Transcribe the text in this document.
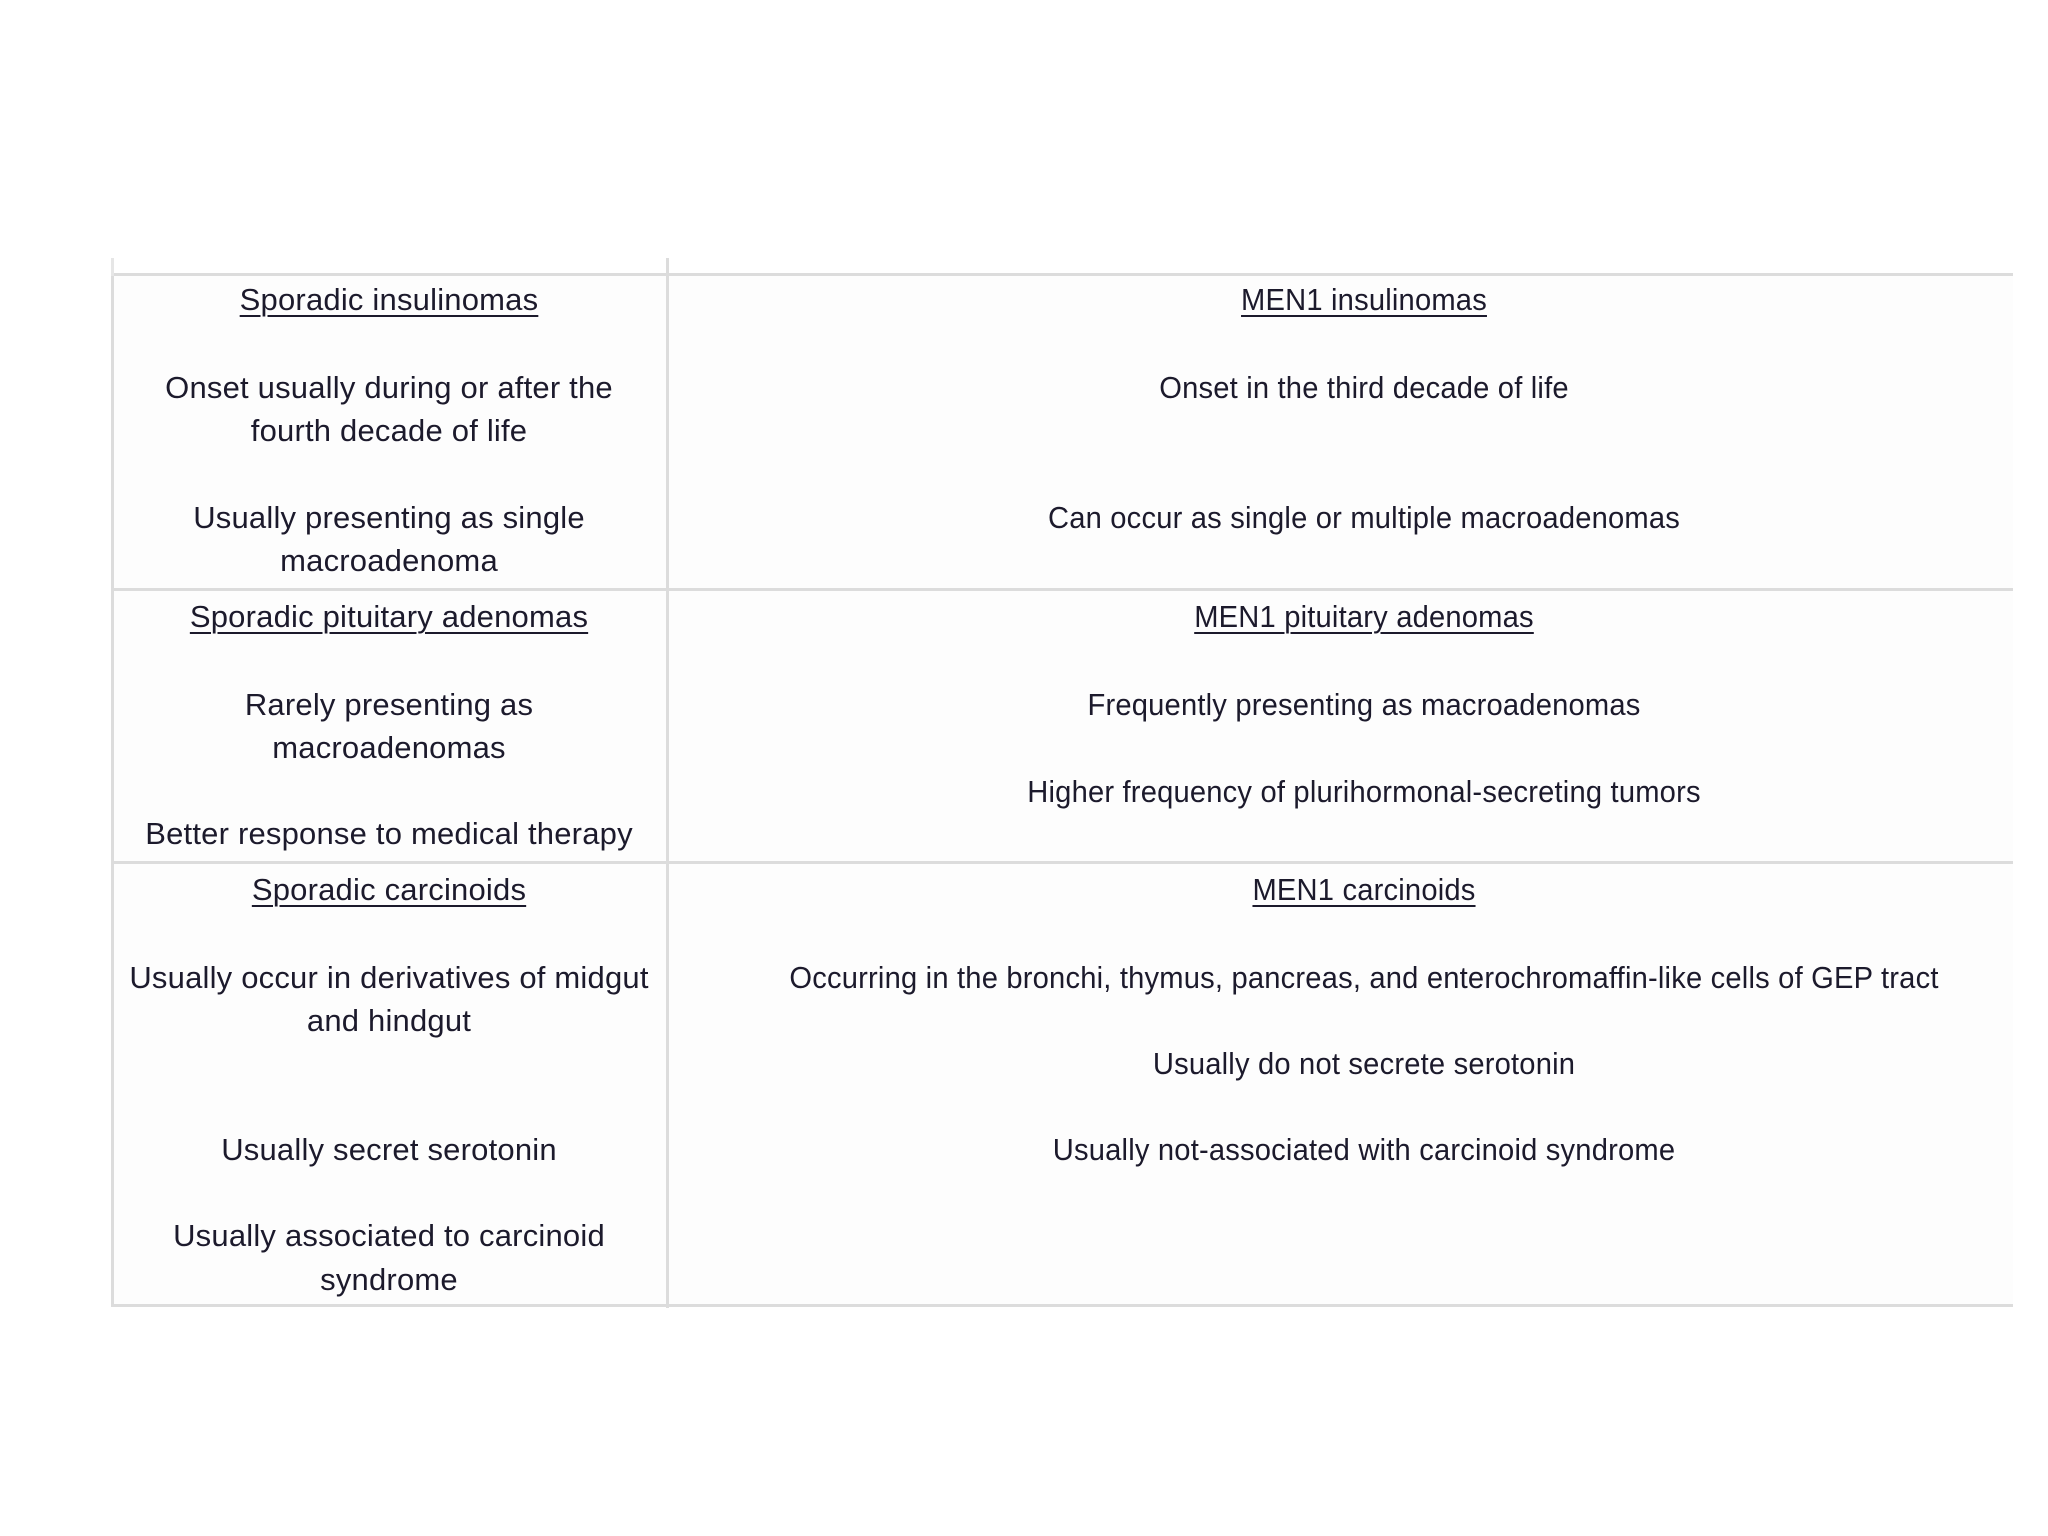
Sporadic insulinomas
Onset usually during or after the
fourth decade of life
Usually presenting as single
macroadenoma
MEN1 insulinomas
Onset in the third decade of life
Can occur as single or multiple macroadenomas
Sporadic pituitary adenomas
Rarely presenting as
macroadenomas
Better response to medical therapy
MEN1 pituitary adenomas
Frequently presenting as macroadenomas
Higher frequency of plurihormonal-secreting tumors
Sporadic carcinoids
Usually occur in derivatives of midgut
and hindgut
Usually secret serotonin
Usually associated to carcinoid
syndrome
MEN1 carcinoids
Occurring in the bronchi, thymus, pancreas, and enterochromaffin-like cells of GEP tract
Usually do not secrete serotonin
Usually not-associated with carcinoid syndrome
